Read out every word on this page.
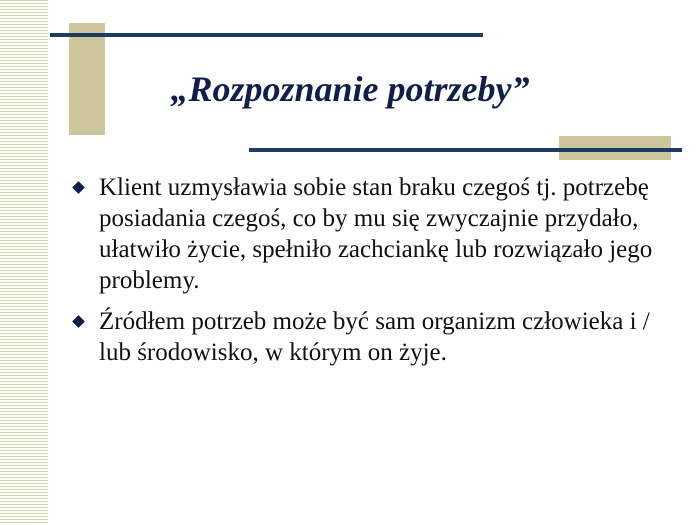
„Rozpoznanie potrzeby”
Klient uzmysławia sobie stan braku czegoś tj. potrzebę posiadania czegoś, co by mu się zwyczajnie przydało, ułatwiło życie, spełniło zachciankę lub rozwiązało jego problemy.
Źródłem potrzeb może być sam organizm człowieka i / lub środowisko, w którym on żyje.
